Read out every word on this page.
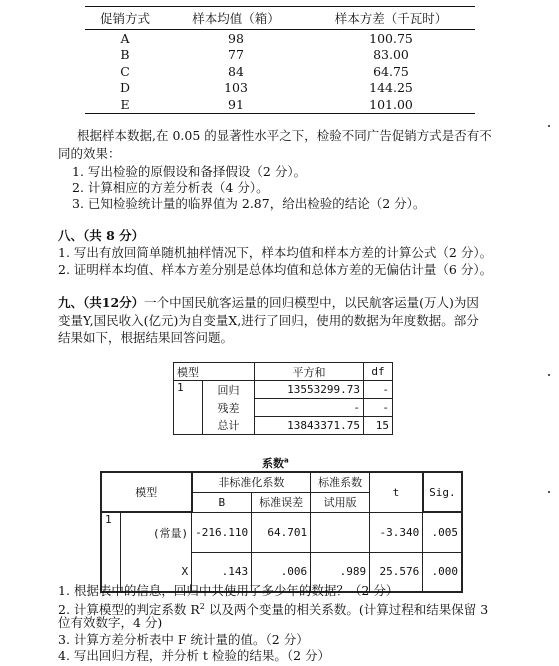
促销方式	样本均值（箱）	样本方差（千瓦时）
A	98	100.75
B	77	83.00
C	84	64.75
D	103	144.25
E	91	101.00
根据样本数据,在 0.05 的显著性水平之下，检验不同广告促销方式是否有不
同的效果：
1. 写出检验的原假设和备择假设（2 分）。
2. 计算相应的方差分析表（4 分）。
3. 已知检验统计量的临界值为 2.87，给出检验的结论（2 分）。
八、（共 8 分）
1. 写出有放回简单随机抽样情况下，样本均值和样本方差的计算公式（2 分）。
2. 证明样本均值、样本方差分别是总体均值和总体方差的无偏估计量（6 分）。
九、（共12分）一个中国民航客运量的回归模型中，以民航客运量(万人)为因
变量Y,国民收入(亿元)为自变量X,进行了回归，使用的数据为年度数据。部分
结果如下，根据结果回答问题。
模型		平方和	df
1	回归	13553299.73	-
	残差	-	-
	总计	13843371.75	15
系数$^a$
模型		非标准化系数		标准系数	t	Sig.
		B	标准误差	试用版		
1	(常量)	-216.110	64.701		-3.340	.005
	X	.143	.006	.989	25.576	.000
1. 根据表中的信息，回归中共使用了多少年的数据？（2 分）
2. 计算模型的判定系数 $R^2$ 以及两个变量的相关系数。(计算过程和结果保留 3
位有效数字，4 分)
3. 计算方差分析表中 F 统计量的值。（2 分）
4. 写出回归方程，并分析 t 检验的结果。（2 分）
